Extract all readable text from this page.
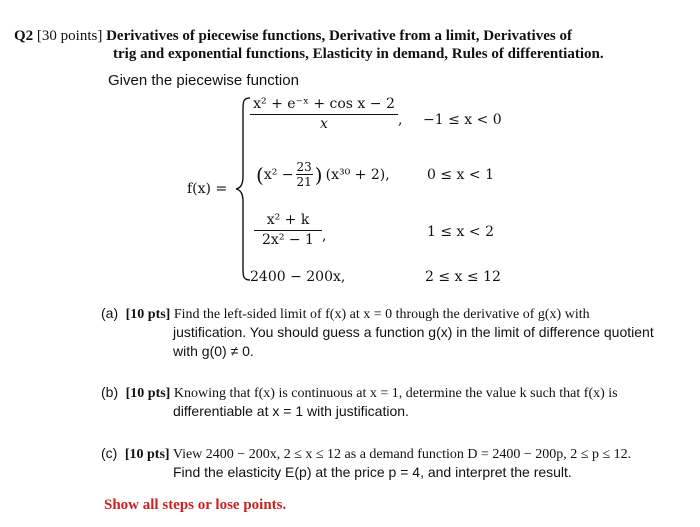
Q2 [30 points] Derivatives of piecewise functions, Derivative from a limit, Derivatives of
trig and exponential functions, Elasticity in demand, Rules of differentiation.
Given the piecewise function
f(x) =
x² + e⁻ˣ + cos x − 2
x	, −1 ≤ x < 0
( x² − 23
21 ) (x³⁰ + 2),	0 ≤ x < 1
x² + k
2x² − 1 ,	1 ≤ x < 2
2400 − 200x,	2 ≤ x ≤ 12
(a) [10 pts] Find the left-sided limit of f(x) at x = 0 through the derivative of g(x) with
justification. You should guess a function g(x) in the limit of difference quotient
with g(0) ≠ 0.
(b) [10 pts] Knowing that f(x) is continuous at x = 1, determine the value k such that f(x) is
differentiable at x = 1 with justification.
(c) [10 pts] View 2400 − 200x, 2 ≤ x ≤ 12 as a demand function D = 2400 − 200p, 2 ≤ p ≤ 12.
Find the elasticity E(p) at the price p = 4, and interpret the result.
Show all steps or lose points.
